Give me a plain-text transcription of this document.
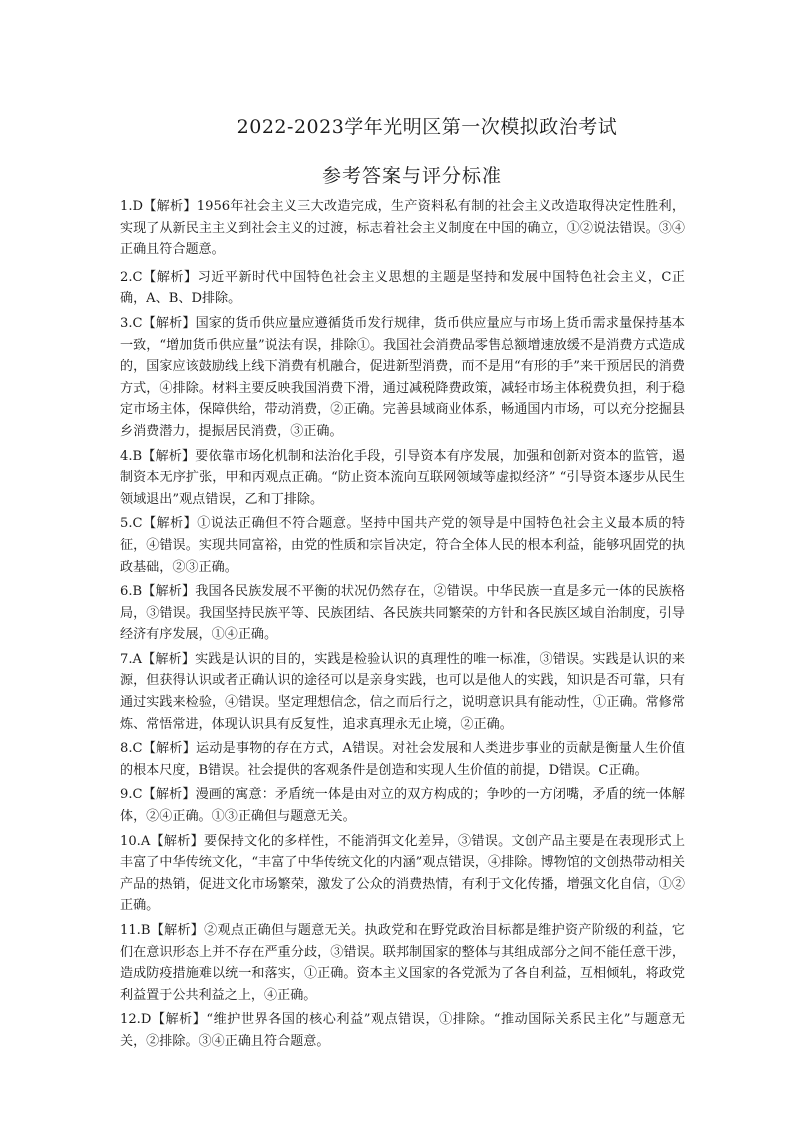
2022-2023学年光明区第一次模拟政治考试
参考答案与评分标准

1.D【解析】1956年社会主义三大改造完成，生产资料私有制的社会主义改造取得决定性胜利，实现了从新民主主义到社会主义的过渡，标志着社会主义制度在中国的确立，①②说法错误。③④正确且符合题意。

2.C【解析】习近平新时代中国特色社会主义思想的主题是坚持和发展中国特色社会主义，C正确，A、B、D排除。

3.C【解析】国家的货币供应量应遵循货币发行规律，货币供应量应与市场上货币需求量保持基本一致，“增加货币供应量”说法有误，排除①。我国社会消费品零售总额增速放缓不是消费方式造成的，国家应该鼓励线上线下消费有机融合，促进新型消费，而不是用“有形的手”来干预居民的消费方式，④排除。材料主要反映我国消费下滑，通过减税降费政策，减轻市场主体税费负担，利于稳定市场主体，保障供给，带动消费，②正确。完善县域商业体系，畅通国内市场，可以充分挖掘县乡消费潜力，提振居民消费，③正确。

4.B【解析】要依靠市场化机制和法治化手段，引导资本有序发展，加强和创新对资本的监管，遏制资本无序扩张，甲和丙观点正确。“防止资本流向互联网领域等虚拟经济” “引导资本逐步从民生领域退出”观点错误，乙和丁排除。

5.C【解析】①说法正确但不符合题意。坚持中国共产党的领导是中国特色社会主义最本质的特征，④错误。实现共同富裕，由党的性质和宗旨决定，符合全体人民的根本利益，能够巩固党的执政基础，②③正确。

6.B【解析】我国各民族发展不平衡的状况仍然存在，②错误。中华民族一直是多元一体的民族格局，③错误。我国坚持民族平等、民族团结、各民族共同繁荣的方针和各民族区域自治制度，引导经济有序发展，①④正确。

7.A【解析】实践是认识的目的，实践是检验认识的真理性的唯一标准，③错误。实践是认识的来源，但获得认识或者正确认识的途径可以是亲身实践，也可以是他人的实践，知识是否可靠，只有通过实践来检验，④错误。坚定理想信念，信之而后行之，说明意识具有能动性，①正确。常修常炼、常悟常进，体现认识具有反复性，追求真理永无止境，②正确。

8.C【解析】运动是事物的存在方式，A错误。对社会发展和人类进步事业的贡献是衡量人生价值的根本尺度，B错误。社会提供的客观条件是创造和实现人生价值的前提，D错误。C正确。

9.C【解析】漫画的寓意：矛盾统一体是由对立的双方构成的；争吵的一方闭嘴，矛盾的统一体解体，②④正确。①③正确但与题意无关。

10.A【解析】要保持文化的多样性，不能消弭文化差异，③错误。文创产品主要是在表现形式上丰富了中华传统文化，“丰富了中华传统文化的内涵”观点错误，④排除。博物馆的文创热带动相关产品的热销，促进文化市场繁荣，激发了公众的消费热情，有利于文化传播，增强文化自信，①②正确。

11.B【解析】②观点正确但与题意无关。执政党和在野党政治目标都是维护资产阶级的利益，它们在意识形态上并不存在严重分歧，③错误。联邦制国家的整体与其组成部分之间不能任意干涉，造成防疫措施难以统一和落实，①正确。资本主义国家的各党派为了各自利益，互相倾轧，将政党利益置于公共利益之上，④正确。

12.D【解析】“维护世界各国的核心利益”观点错误，①排除。“推动国际关系民主化”与题意无关，②排除。③④正确且符合题意。
